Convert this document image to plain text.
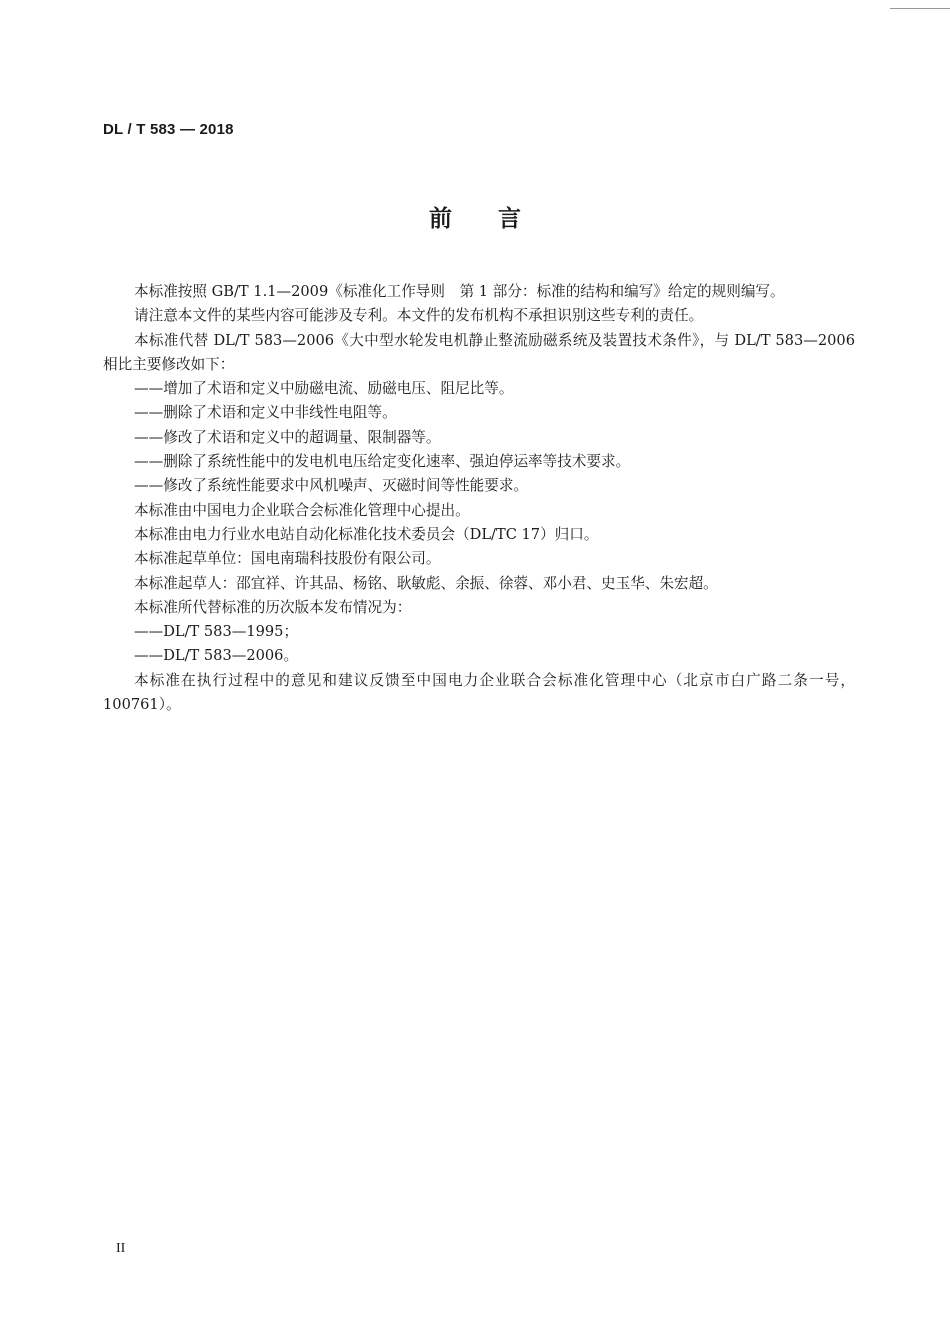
DL / T 583 — 2018
前言

本标准按照 GB/T 1.1—2009《标准化工作导则　第 1 部分：标准的结构和编写》给定的规则编写。

请注意本文件的某些内容可能涉及专利。本文件的发布机构不承担识别这些专利的责任。

本标准代替 DL/T 583—2006《大中型水轮发电机静止整流励磁系统及装置技术条件》，与 DL/T 583—2006 相比主要修改如下：

——增加了术语和定义中励磁电流、励磁电压、阻尼比等。

——删除了术语和定义中非线性电阻等。

——修改了术语和定义中的超调量、限制器等。

——删除了系统性能中的发电机电压给定变化速率、强迫停运率等技术要求。

——修改了系统性能要求中风机噪声、灭磁时间等性能要求。

本标准由中国电力企业联合会标准化管理中心提出。

本标准由电力行业水电站自动化标准化技术委员会（DL/TC 17）归口。

本标准起草单位：国电南瑞科技股份有限公司。

本标准起草人：邵宜祥、许其品、杨铭、耿敏彪、余振、徐蓉、邓小君、史玉华、朱宏超。

本标准所代替标准的历次版本发布情况为：

——DL/T 583—1995；

——DL/T 583—2006。

本标准在执行过程中的意见和建议反馈至中国电力企业联合会标准化管理中心（北京市白广路二条一号，100761）。

II
